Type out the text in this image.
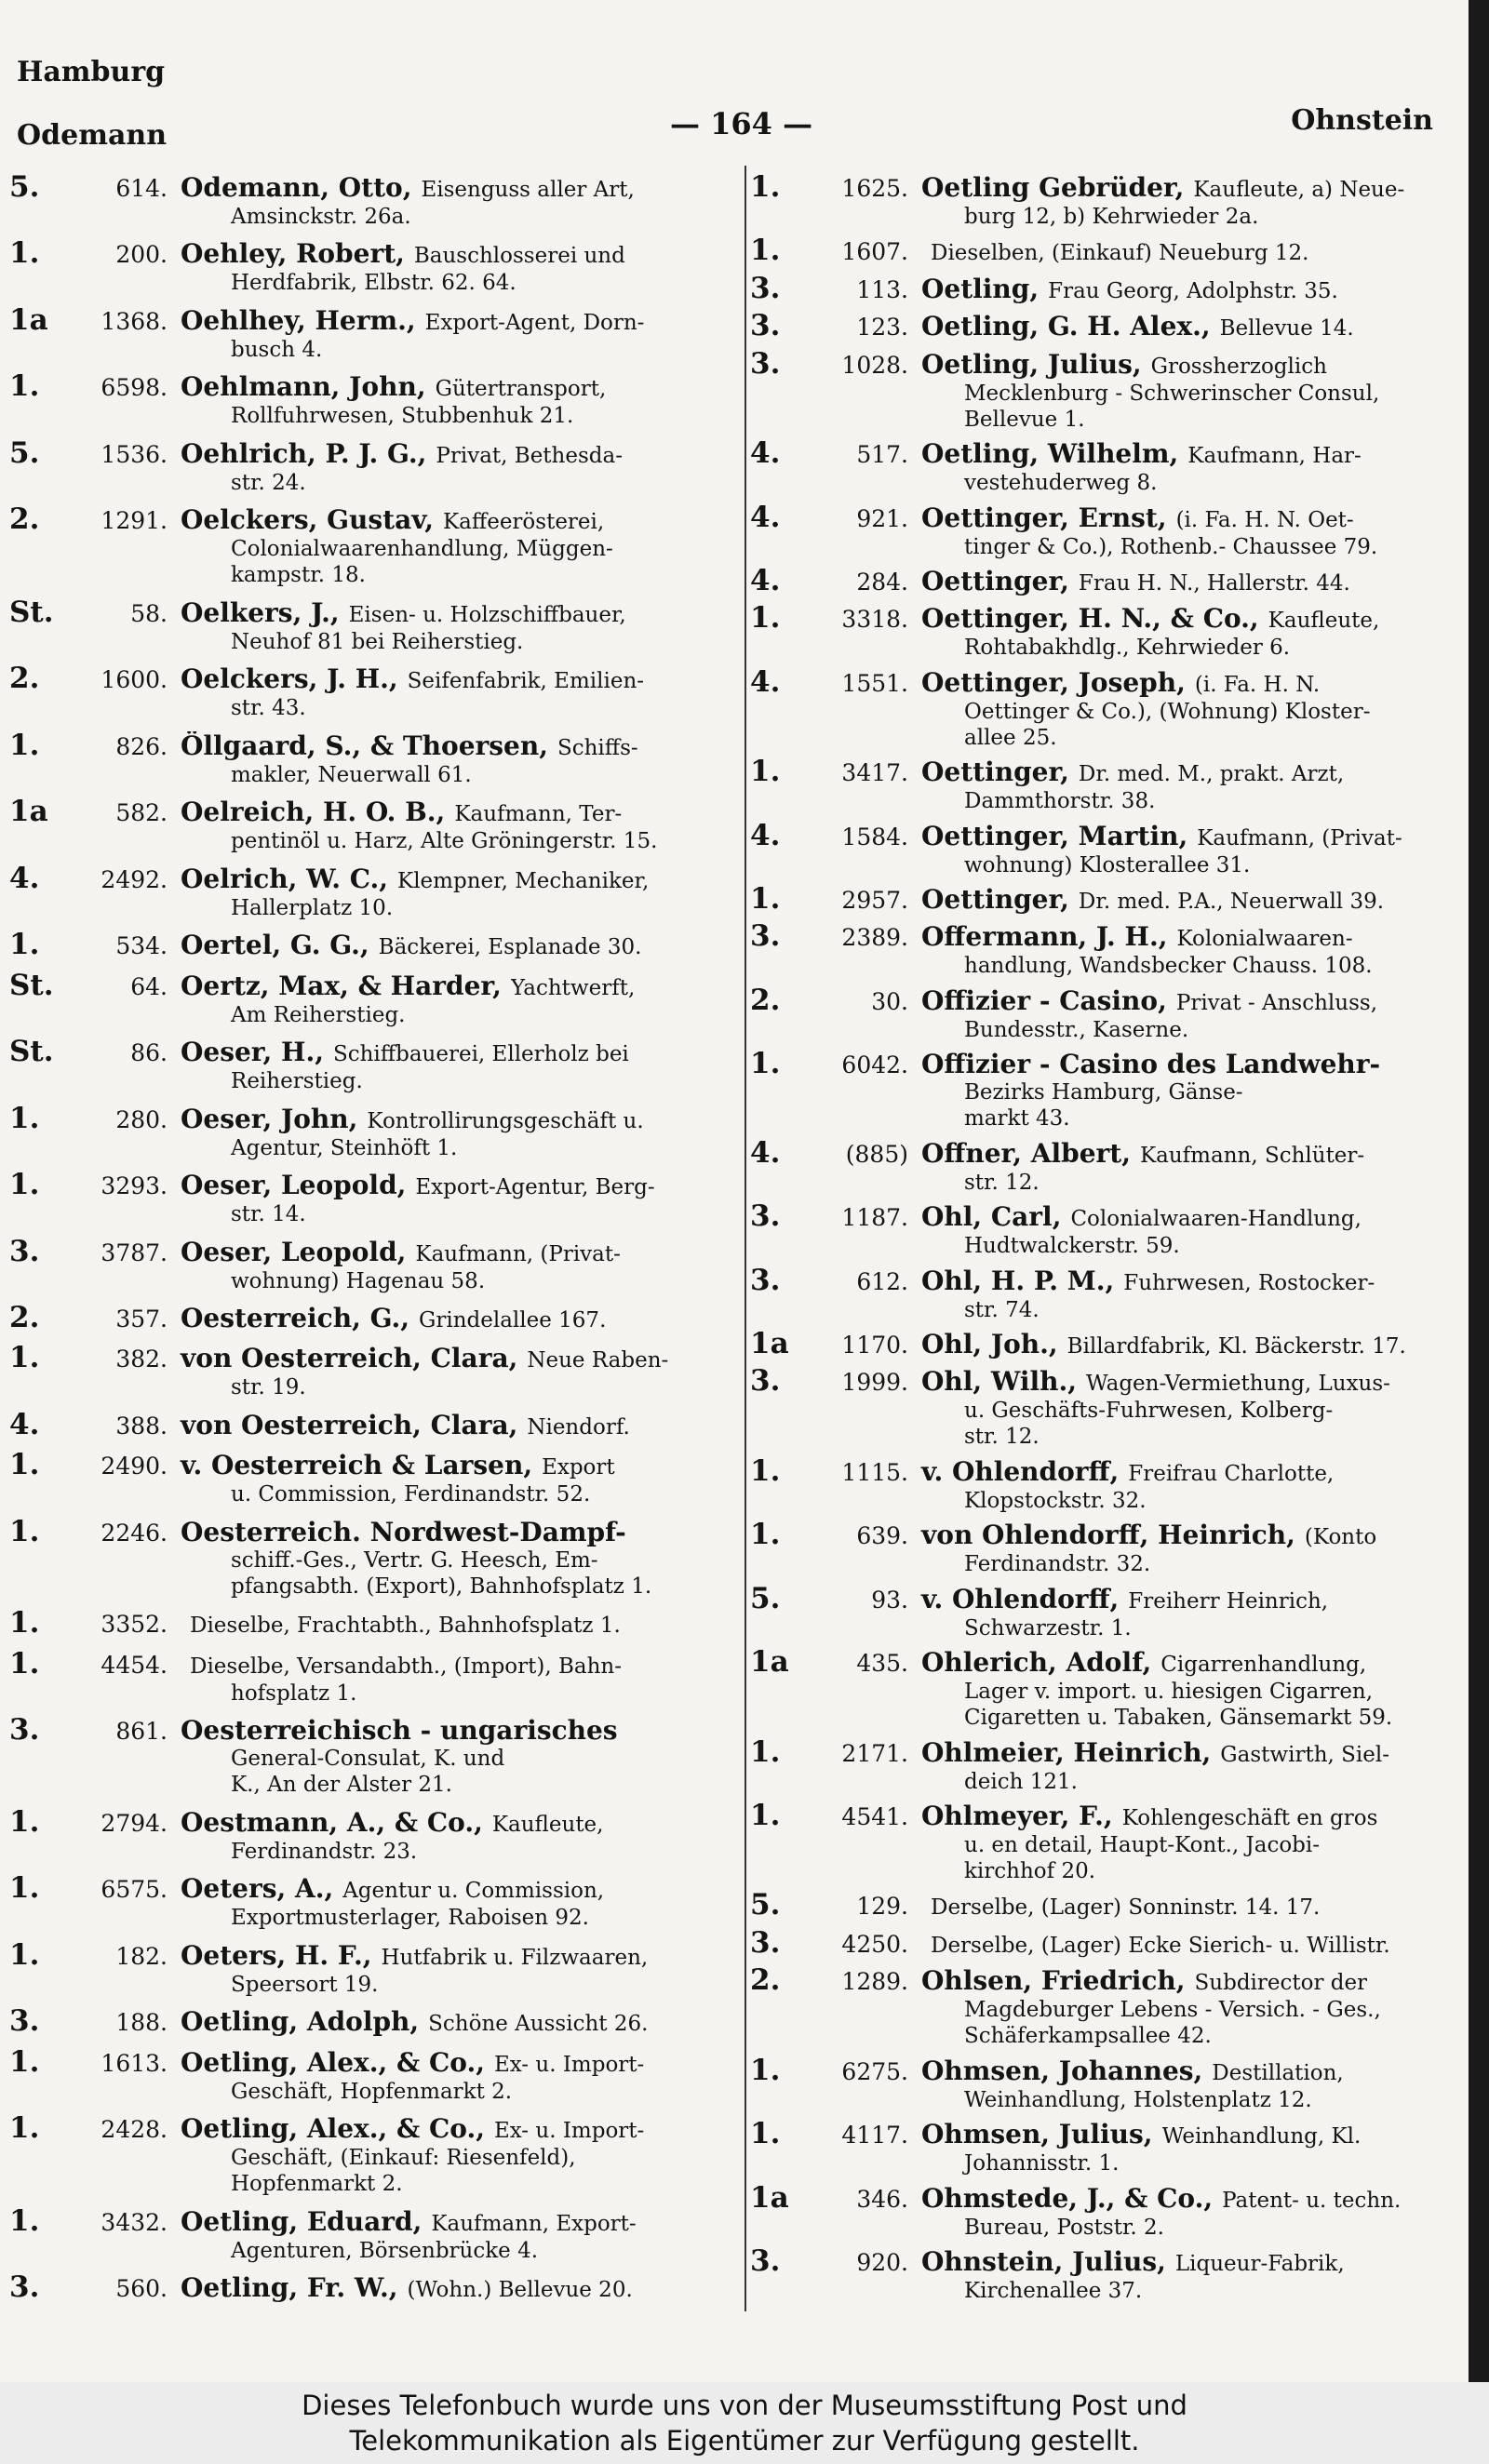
Hamburg
Odemann	— 164 —	Ohnstein
5.	614. Odemann, Otto, Eisenguss aller Art,
Amsinckstr. 26a.
1.	200. Oehley, Robert, Bauschlosserei und
Herdfabrik, Elbstr. 62. 64.
1a	1368. Oehlhey, Herm., Export-Agent, Dorn-
busch 4.
1.	6598. Oehlmann, John, Gütertransport,
Rollfuhrwesen, Stubbenhuk 21.
5.	1536. Oehlrich, P. J. G., Privat, Bethesda-
str. 24.
2.	1291. Oelckers, Gustav, Kaffeerösterei,
Colonialwaarenhandlung, Müggen-
kampstr. 18.
St.	58. Oelkers, J., Eisen- u. Holzschiffbauer,
Neuhof 81 bei Reiherstieg.
2.	1600. Oelckers, J. H., Seifenfabrik, Emilien-
str. 43.
1.	826. Öllgaard, S., & Thoersen, Schiffs-
makler, Neuerwall 61.
1a	582. Oelreich, H. O. B., Kaufmann, Ter-
pentinöl u. Harz, Alte Gröningerstr. 15.
4.	2492. Oelrich, W. C., Klempner, Mechaniker,
Hallerplatz 10.
1.	534. Oertel, G. G., Bäckerei, Esplanade 30.
St.	64. Oertz, Max, & Harder, Yachtwerft,
Am Reiherstieg.
St.	86. Oeser, H., Schiffbauerei, Ellerholz bei
Reiherstieg.
1.	280. Oeser, John, Kontrollirungsgeschäft u.
Agentur, Steinhöft 1.
1.	3293. Oeser, Leopold, Export-Agentur, Berg-
str. 14.
3.	3787. Oeser, Leopold, Kaufmann, (Privat-
wohnung) Hagenau 58.
2.	357. Oesterreich, G., Grindelallee 167.
1.	382. von Oesterreich, Clara, Neue Raben-
str. 19.
4.	388. von Oesterreich, Clara, Niendorf.
1.	2490. v. Oesterreich & Larsen, Export
u. Commission, Ferdinandstr. 52.
1.	2246. Oesterreich. Nordwest-Dampf-
schiff.-Ges., Vertr. G. Heesch, Em-
pfangsabth. (Export), Bahnhofsplatz 1.
1.	3352.	Dieselbe, Frachtabth., Bahnhofsplatz 1.
1.	4454.	Dieselbe, Versandabth., (Import), Bahn-
hofsplatz 1.
3.	861. Oesterreichisch - ungarisches
General-Consulat, K. und
K., An der Alster 21.
1.	2794. Oestmann, A., & Co., Kaufleute,
Ferdinandstr. 23.
1.	6575. Oeters, A., Agentur u. Commission,
Exportmusterlager, Raboisen 92.
1.	182. Oeters, H. F., Hutfabrik u. Filzwaaren,
Speersort 19.
3.	188. Oetling, Adolph, Schöne Aussicht 26.
1.	1613. Oetling, Alex., & Co., Ex- u. Import-
Geschäft, Hopfenmarkt 2.
1.	2428. Oetling, Alex., & Co., Ex- u. Import-
Geschäft, (Einkauf: Riesenfeld),
Hopfenmarkt 2.
1.	3432. Oetling, Eduard, Kaufmann, Export-
Agenturen, Börsenbrücke 4.
3.	560. Oetling, Fr. W., (Wohn.) Bellevue 20.
1.	1625. Oetling Gebrüder, Kaufleute, a) Neue-
burg 12, b) Kehrwieder 2a.
1.	1607.	Dieselben, (Einkauf) Neueburg 12.
3.	113. Oetling, Frau Georg, Adolphstr. 35.
3.	123. Oetling, G. H. Alex., Bellevue 14.
3.	1028. Oetling, Julius, Grossherzoglich
Mecklenburg - Schwerinscher Consul,
Bellevue 1.
4.	517. Oetling, Wilhelm, Kaufmann, Har-
vestehuderweg 8.
4.	921. Oettinger, Ernst, (i. Fa. H. N. Oet-
tinger & Co.), Rothenb.- Chaussee 79.
4.	284. Oettinger, Frau H. N., Hallerstr. 44.
1.	3318. Oettinger, H. N., & Co., Kaufleute,
Rohtabakhdlg., Kehrwieder 6.
4.	1551. Oettinger, Joseph, (i. Fa. H. N.
Oettinger & Co.), (Wohnung) Kloster-
allee 25.
1.	3417. Oettinger, Dr. med. M., prakt. Arzt,
Dammthorstr. 38.
4.	1584. Oettinger, Martin, Kaufmann, (Privat-
wohnung) Klosterallee 31.
1.	2957. Oettinger, Dr. med. P.A., Neuerwall 39.
3.	2389. Offermann, J. H., Kolonialwaaren-
handlung, Wandsbecker Chauss. 108.
2.	30. Offizier - Casino, Privat - Anschluss,
Bundesstr., Kaserne.
1.	6042. Offizier - Casino des Landwehr-
Bezirks Hamburg, Gänse-
markt 43.
4.	(885) Offner, Albert, Kaufmann, Schlüter-
str. 12.
3.	1187. Ohl, Carl, Colonialwaaren-Handlung,
Hudtwalckerstr. 59.
3.	612. Ohl, H. P. M., Fuhrwesen, Rostocker-
str. 74.
1a	1170. Ohl, Joh., Billardfabrik, Kl. Bäckerstr. 17.
3.	1999. Ohl, Wilh., Wagen-Vermiethung, Luxus-
u. Geschäfts-Fuhrwesen, Kolberg-
str. 12.
1.	1115. v. Ohlendorff, Freifrau Charlotte,
Klopstockstr. 32.
1.	639. von Ohlendorff, Heinrich, (Konto
Ferdinandstr. 32.
5.	93. v. Ohlendorff, Freiherr Heinrich,
Schwarzestr. 1.
1a	435. Ohlerich, Adolf, Cigarrenhandlung,
Lager v. import. u. hiesigen Cigarren,
Cigaretten u. Tabaken, Gänsemarkt 59.
1.	2171. Ohlmeier, Heinrich, Gastwirth, Siel-
deich 121.
1.	4541. Ohlmeyer, F., Kohlengeschäft en gros
u. en detail, Haupt-Kont., Jacobi-
kirchhof 20.
5.	129.	Derselbe, (Lager) Sonninstr. 14. 17.
3.	4250.	Derselbe, (Lager) Ecke Sierich- u. Willistr.
2.	1289. Ohlsen, Friedrich, Subdirector der
Magdeburger Lebens - Versich. - Ges.,
Schäferkampsallee 42.
1.	6275. Ohmsen, Johannes, Destillation,
Weinhandlung, Holstenplatz 12.
1.	4117. Ohmsen, Julius, Weinhandlung, Kl.
Johannisstr. 1.
1a	346. Ohmstede, J., & Co., Patent- u. techn.
Bureau, Poststr. 2.
3.	920. Ohnstein, Julius, Liqueur-Fabrik,
Kirchenallee 37.
Dieses Telefonbuch wurde uns von der Museumsstiftung Post und
Telekommunikation als Eigentümer zur Verfügung gestellt.
